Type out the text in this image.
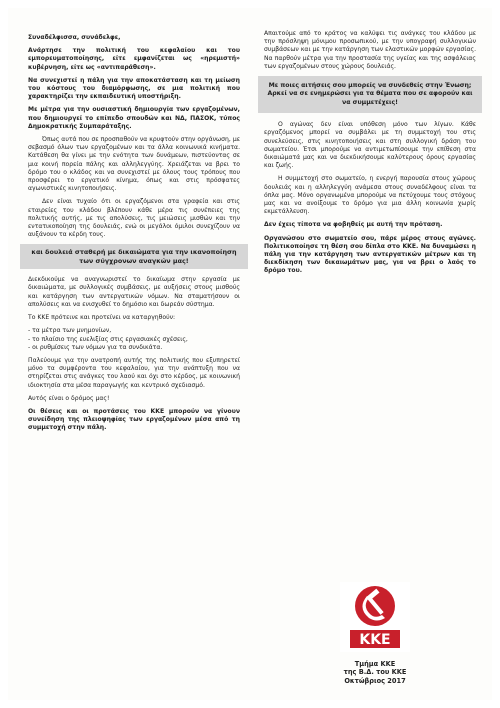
Συναδέλφισσα, συνάδελφε,

Ανάρτησε την πολιτική του κεφαλαίου και του εμπορευματοποίησης, είτε εμφανίζεται ως «ηρεμιστή» κυβέρνηση, είτε ως «αντιπαράθεση».

Να συνεχιστεί η πάλη για την αποκατάσταση και τη μείωση του κόστους του διαμόρφωσης, σε μια πολιτική που χαρακτηρίζει την εκπαιδευτική υποστήριξη.

Με μέτρα για την ουσιαστική δημιουργία των εργαζομένων, που δημιουργεί το επίπεδο σπουδών και ΝΔ, ΠΑΣΟΚ, τύπος Δημοκρατικής Συμπαράταξης.

Όπως αυτά που σε προσπαθούν να κρυφτούν στην οργάνωση, με σεβασμό όλων των εργαζομένων και τα άλλα κοινωνικά κινήματα. Κατάθεση θα γίνει με την ενότητα των δυνάμεων, πιστεύοντας σε μια κοινή πορεία πάλης και αλληλεγγύης. Χρειάζεται να βρει το δρόμο του ο κλάδος και να συνεχιστεί με όλους τους τρόπους που προσφέρει το εργατικό κίνημα, όπως και στις πρόσφατες αγωνιστικές κινητοποιήσεις.

Δεν είναι τυχαίο ότι οι εργαζόμενοι στα γραφεία και στις εταιρείες του κλάδου βλέπουν κάθε μέρα τις συνέπειες της πολιτικής αυτής, με τις απολύσεις, τις μειώσεις μισθών και την εντατικοποίηση της δουλειάς, ενώ οι μεγάλοι όμιλοι συνεχίζουν να αυξάνουν τα κέρδη τους.

και δουλειά σταθερή με δικαιώματα για την ικανοποίηση των σύγχρονων αναγκών μας!

Διεκδικούμε να αναγνωριστεί το δικαίωμα στην εργασία με δικαιώματα, με συλλογικές συμβάσεις, με αυξήσεις στους μισθούς και κατάργηση των αντεργατικών νόμων. Να σταματήσουν οι απολύσεις και να ενισχυθεί το δημόσιο και δωρεάν σύστημα.

Το ΚΚΕ πρότεινε και προτείνει να καταργηθούν:

- τα μέτρα των μνημονίων,
- το πλαίσιο της ευελιξίας στις εργασιακές σχέσεις,
- οι ρυθμίσεις των νόμων για τα συνδικάτα.

Παλεύουμε για την ανατροπή αυτής της πολιτικής που εξυπηρετεί μόνο τα συμφέροντα του κεφαλαίου, για την ανάπτυξη που να στηρίζεται στις ανάγκες του λαού και όχι στο κέρδος, με κοινωνική ιδιοκτησία στα μέσα παραγωγής και κεντρικό σχεδιασμό.

Αυτός είναι ο δρόμος μας!

Οι θέσεις και οι προτάσεις του ΚΚΕ μπορούν να γίνουν συνείδηση της πλειοψηφίας των εργαζομένων μέσα από τη συμμετοχή στην πάλη.

Απαιτούμε από το κράτος να καλύψει τις ανάγκες του κλάδου με την πρόσληψη μόνιμου προσωπικού, με την υπογραφή συλλογικών συμβάσεων και με την κατάργηση των ελαστικών μορφών εργασίας. Να παρθούν μέτρα για την προστασία της υγείας και της ασφάλειας των εργαζομένων στους χώρους δουλειάς.

Με ποιες αιτήσεις σου μπορείς να συνδεθείς στην Ένωση; Αρκεί να σε ενημερώσει για τα θέματα που σε αφορούν και να συμμετέχεις!

Ο αγώνας δεν είναι υπόθεση μόνο των λίγων. Κάθε εργαζόμενος μπορεί να συμβάλει με τη συμμετοχή του στις συνελεύσεις, στις κινητοποιήσεις και στη συλλογική δράση του σωματείου. Έτσι μπορούμε να αντιμετωπίσουμε την επίθεση στα δικαιώματά μας και να διεκδικήσουμε καλύτερους όρους εργασίας και ζωής.

Η συμμετοχή στο σωματείο, η ενεργή παρουσία στους χώρους δουλειάς και η αλληλεγγύη ανάμεσα στους συναδέλφους είναι τα όπλα μας. Μόνο οργανωμένα μπορούμε να πετύχουμε τους στόχους μας και να ανοίξουμε το δρόμο για μια άλλη κοινωνία χωρίς εκμετάλλευση.

Δεν έχεις τίποτα να φοβηθείς με αυτή την πρόταση.

Οργανώσου στο σωματείο σου, πάρε μέρος στους αγώνες. Πολιτικοποίησε τη θέση σου δίπλα στο ΚΚΕ. Να δυναμώσει η πάλη για την κατάργηση των αντεργατικών μέτρων και τη διεκδίκηση των δικαιωμάτων μας, για να βρει ο λαός το δρόμο του.

ΚΚΕ
Τμήμα ΚΚΕ
της Β.Δ. του ΚΚΕ
Οκτώβριος 2017
